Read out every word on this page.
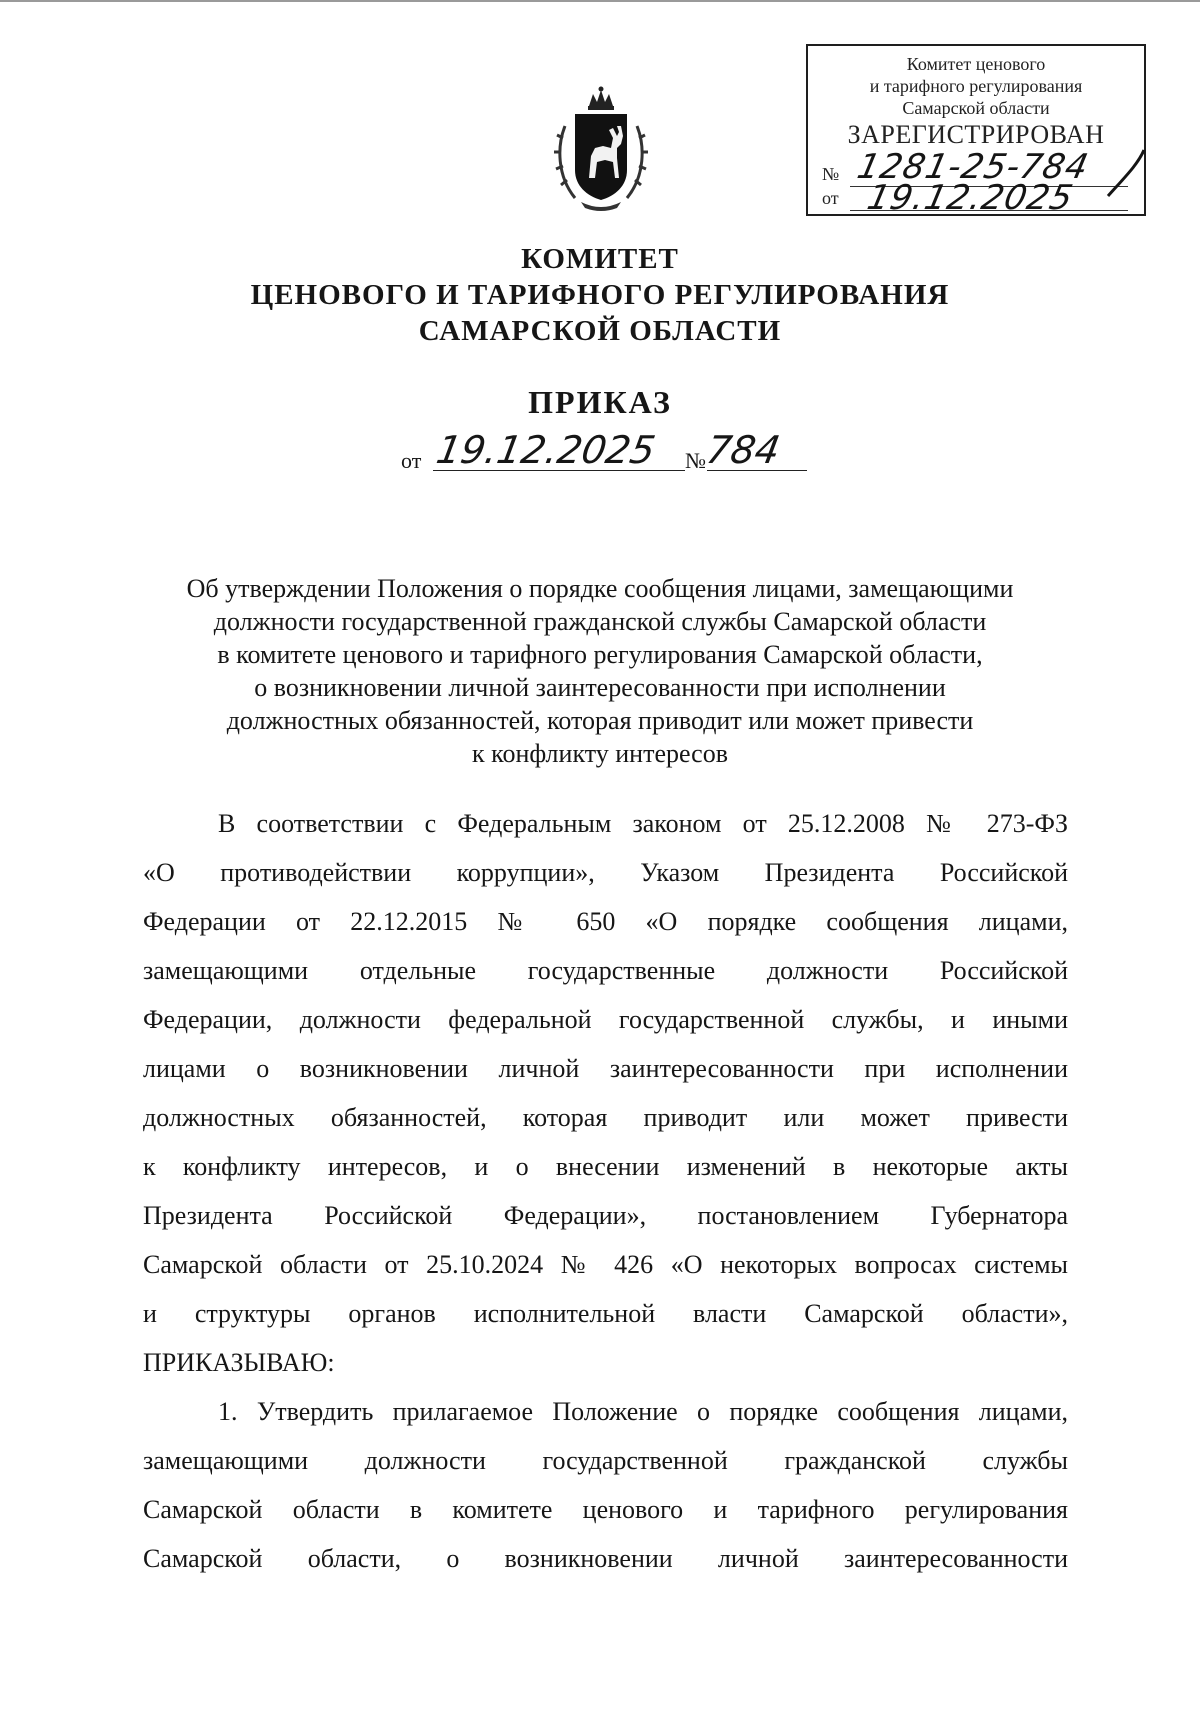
Комитет ценового
и тарифного регулирования
Самарской области
ЗАРЕГИСТРИРОВАН
№ 1281-25-784
от 19.12.2025
КОМИТЕТ
ЦЕНОВОГО И ТАРИФНОГО РЕГУЛИРОВАНИЯ
САМАРСКОЙ ОБЛАСТИ
ПРИКАЗ
от 19.12.2025 №
784
Об утверждении Положения о порядке сообщения лицами, замещающими
должности государственной гражданской службы Самарской области
в комитете ценового и тарифного регулирования Самарской области,
о возникновении личной заинтересованности при исполнении
должностных обязанностей, которая приводит или может привести
к конфликту интересов
В соответствии с Федеральным законом от 25.12.2008 № 273-ФЗ
«О противодействии коррупции», Указом Президента Российской
Федерации от 22.12.2015 № 650 «О порядке сообщения лицами,
замещающими отдельные государственные должности Российской
Федерации, должности федеральной государственной службы, и иными
лицами о возникновении личной заинтересованности при исполнении
должностных обязанностей, которая приводит или может привести
к конфликту интересов, и о внесении изменений в некоторые акты
Президента Российской Федерации», постановлением Губернатора
Самарской области от 25.10.2024 № 426 «О некоторых вопросах системы
и структуры органов исполнительной власти Самарской области»,
ПРИКАЗЫВАЮ:
1. Утвердить прилагаемое Положение о порядке сообщения лицами,
замещающими должности государственной гражданской службы
Самарской области в комитете ценового и тарифного регулирования
Самарской области, о возникновении личной заинтересованности
